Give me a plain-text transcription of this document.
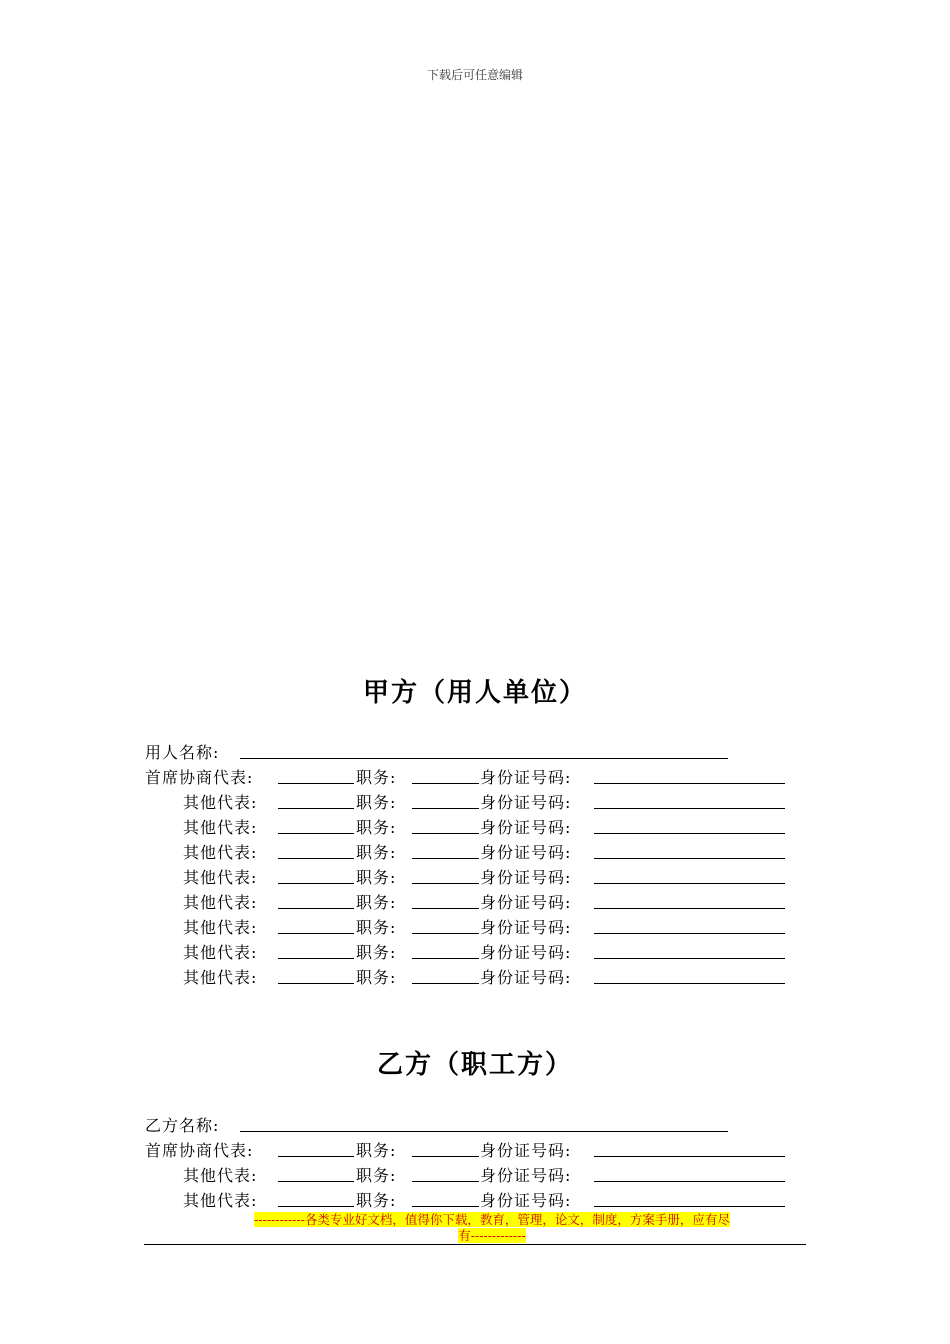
下载后可任意编辑
甲方（用人单位）
用人名称:
首席协商代表:	职务:	身份证号码:
其他代表:	职务:	身份证号码:
其他代表:	职务:	身份证号码:
其他代表:	职务:	身份证号码:
其他代表:	职务:	身份证号码:
其他代表:	职务:	身份证号码:
其他代表:	职务:	身份证号码:
其他代表:	职务:	身份证号码:
其他代表:	职务:	身份证号码:
乙方（职工方）
乙方名称:
首席协商代表:	职务:	身份证号码:
其他代表:	职务:	身份证号码:
其他代表:	职务:	身份证号码:
------------各类专业好文档，值得你下载，教育，管理，论文，制度，方案手册，应有尽
有-------------
